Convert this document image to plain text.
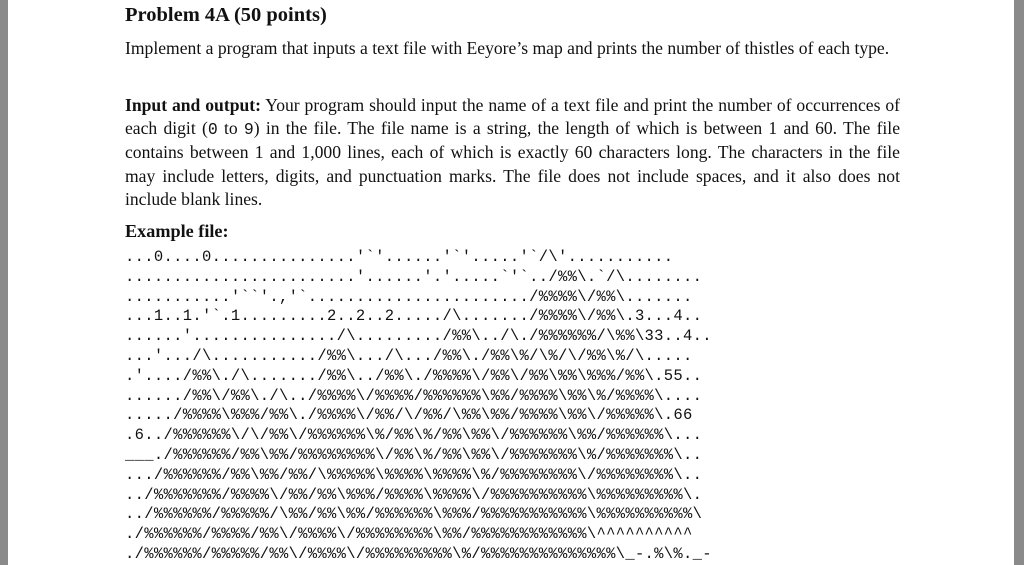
Problem 4A (50 points)

Implement a program that inputs a text file with Eeyore’s map and prints the number of thistles of each type.

Input and output: Your program should input the name of a text file and print the number of occurrences of each digit (0 to 9) in the file. The file name is a string, the length of which is between 1 and 60. The file contains between 1 and 1,000 lines, each of which is exactly 60 characters long. The characters in the file may include letters, digits, and punctuation marks. The file does not include spaces, and it also does not include blank lines.

Example file:
...0....0...............'`'......'`'.....'`/\'...........
........................'......'.'.....`'`../%%\.`/\........
...........'``'.,'`......................./%%%%\/%%\.......
...1..1.'`.1.........2..2..2...../\......./%%%%\/%%\.3...4..
......'.............../\........./%%\../\./%%%%%%/\%%\33..4..
...'.../\.........../%%\.../\.../%%\./%%\%/\%/\/%%\%/\.....
.'..../%%\./\......./%%\../%%\./%%%%\/%%\/%%\%%\%%%/%%\.55..
....../%%\/%%\./\../%%%%\/%%%%/%%%%%%\%%/%%%%\%%\%/%%%%\....
...../%%%%\%%%/%%\./%%%%\/%%/\/%%/\%%\%%/%%%%\%%\/%%%%%\.66
.6../%%%%%%\/\/%%\/%%%%%%\%/%%\%/%%\%%\/%%%%%%\%%/%%%%%%\...
___./%%%%%%/%%\%%/%%%%%%%%\/%%\%/%%\%%\/%%%%%%%\%/%%%%%%%\..
.../%%%%%%/%%\%%/%%/\%%%%%\%%%%\%%%%\%/%%%%%%%%\/%%%%%%%%\..
../%%%%%%%/%%%%\/%%/%%\%%%/%%%%\%%%%\/%%%%%%%%%%\%%%%%%%%%\.
../%%%%%%/%%%%%/\%%/%%\%%/%%%%%%\%%%/%%%%%%%%%%%\%%%%%%%%%%\
./%%%%%%/%%%%/%%\/%%%%\/%%%%%%%%\%%/%%%%%%%%%%%%\^^^^^^^^^^
./%%%%%%/%%%%%/%%\/%%%%\/%%%%%%%%%\%/%%%%%%%%%%%%%%\_-.%\%._-
